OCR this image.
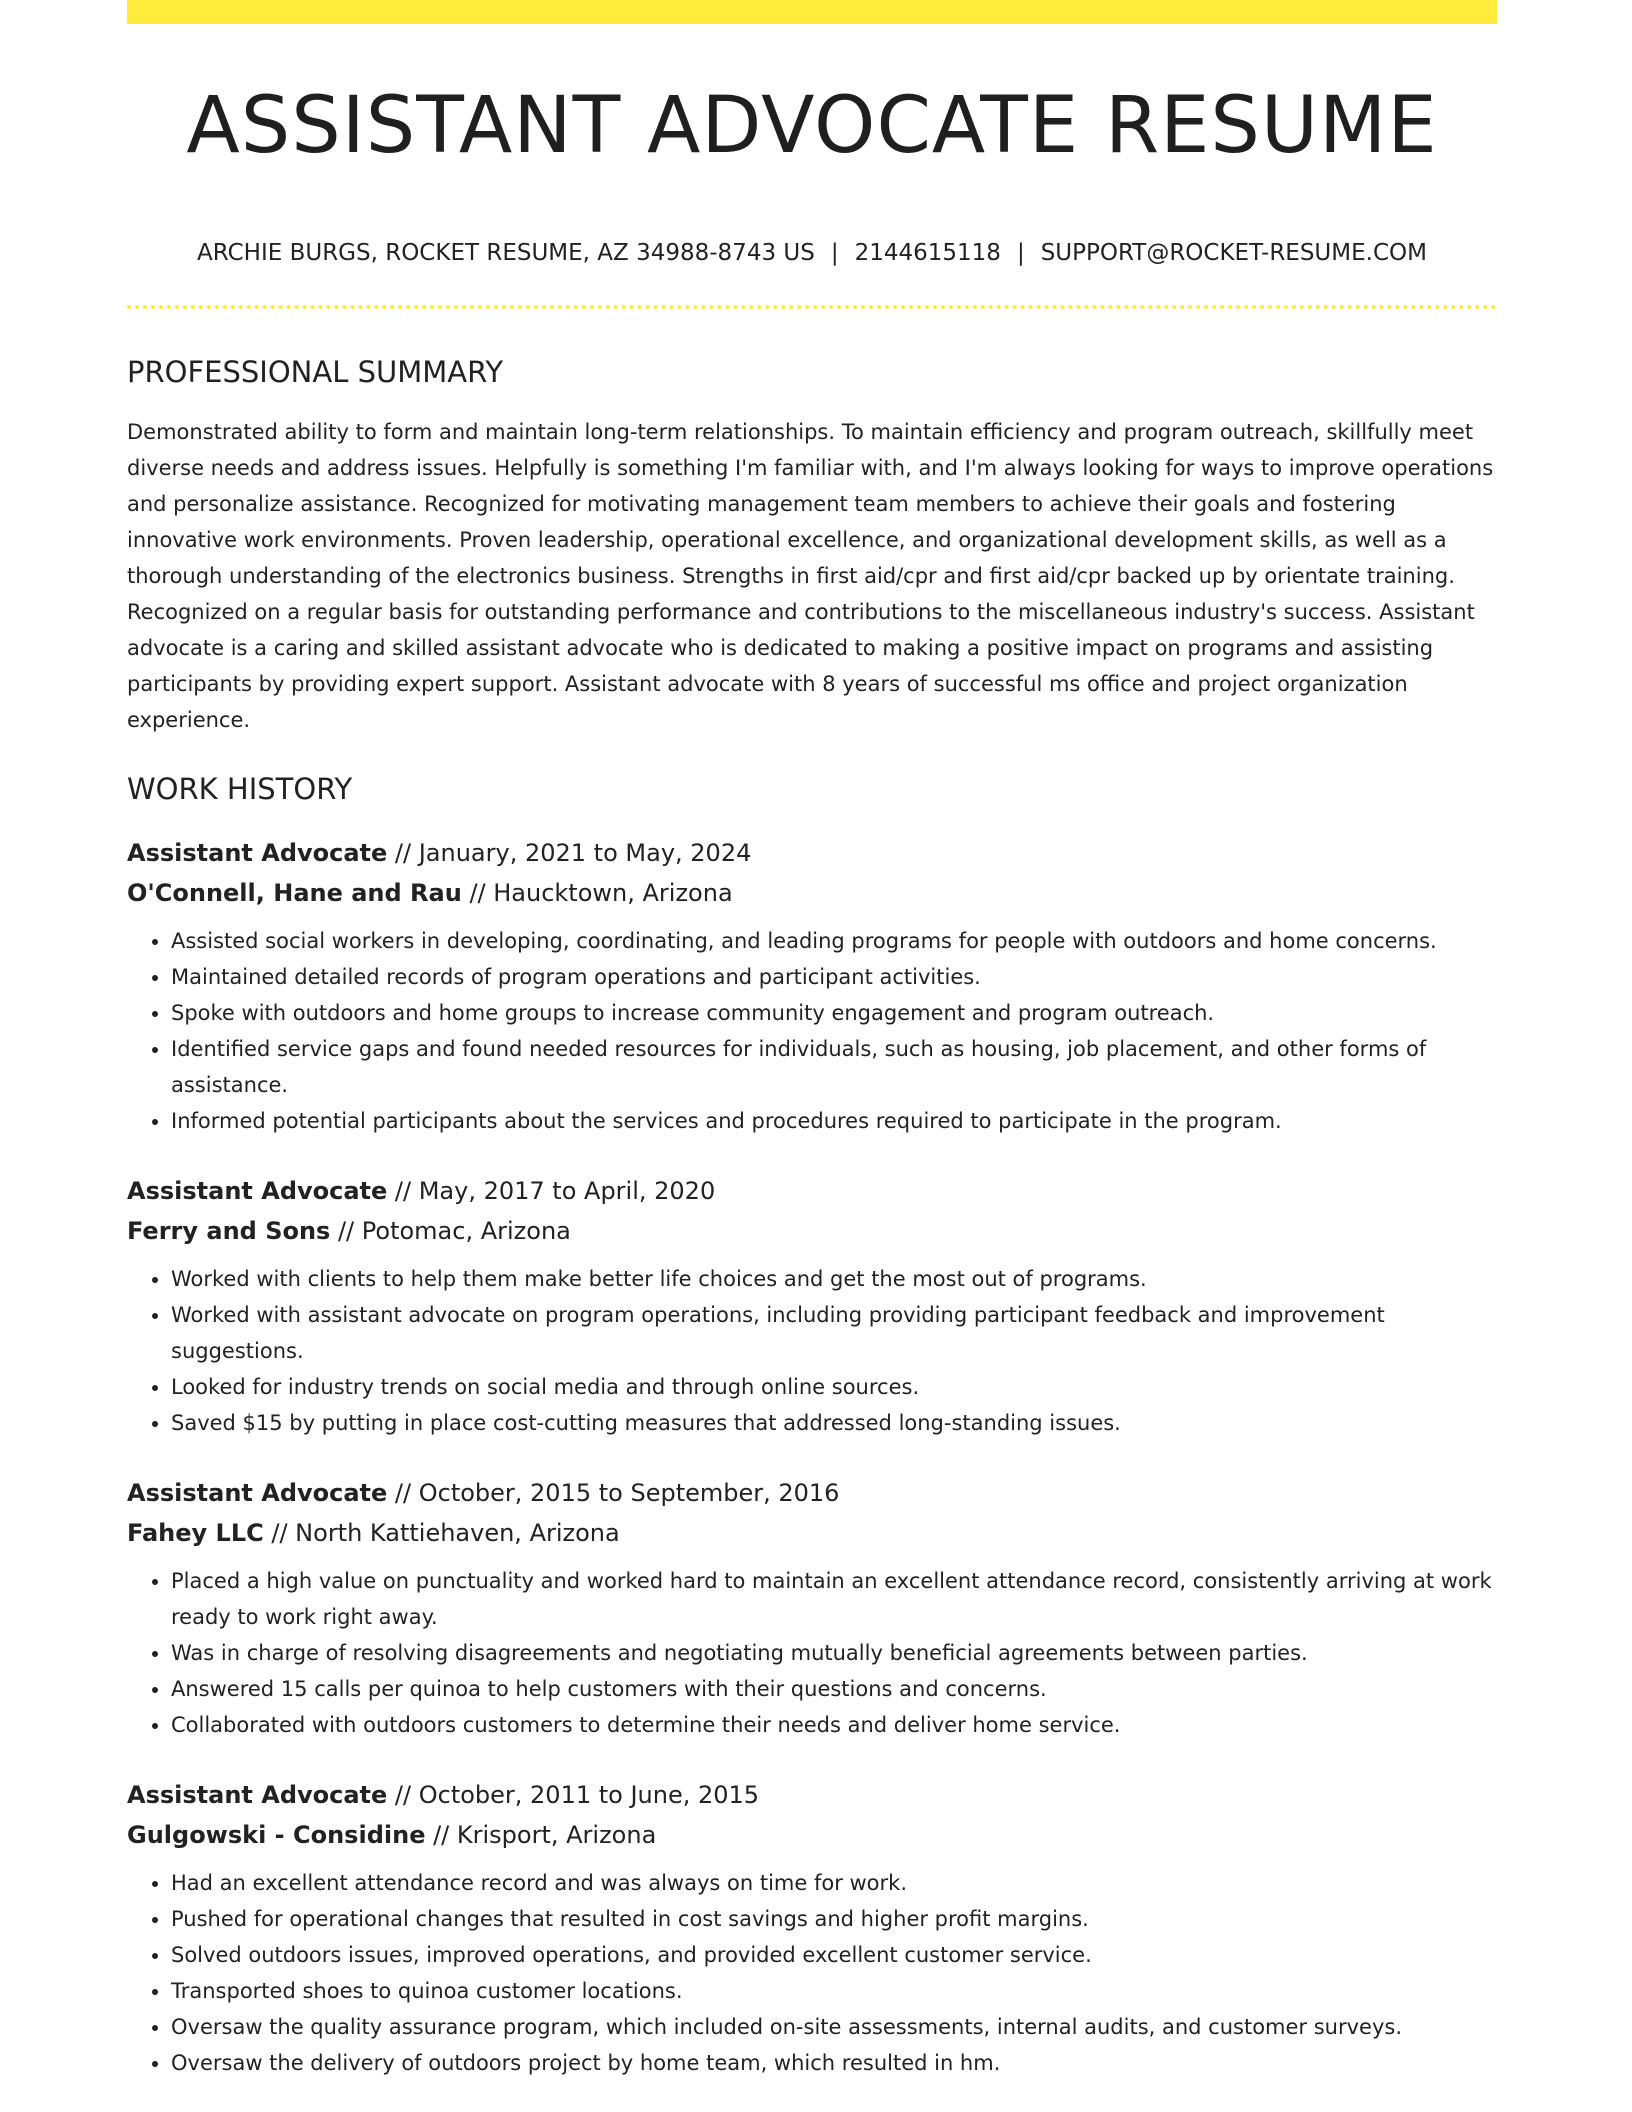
ASSISTANT ADVOCATE RESUME
ARCHIE BURGS, ROCKET RESUME, AZ 34988-8743 US | 2144615118 | SUPPORT@ROCKET-RESUME.COM
PROFESSIONAL SUMMARY

Demonstrated ability to form and maintain long-term relationships. To maintain efficiency and program outreach, skillfully meet diverse needs and address issues. Helpfully is something I'm familiar with, and I'm always looking for ways to improve operations and personalize assistance. Recognized for motivating management team members to achieve their goals and fostering innovative work environments. Proven leadership, operational excellence, and organizational development skills, as well as a thorough understanding of the electronics business. Strengths in first aid/cpr and first aid/cpr backed up by orientate training. Recognized on a regular basis for outstanding performance and contributions to the miscellaneous industry's success. Assistant advocate is a caring and skilled assistant advocate who is dedicated to making a positive impact on programs and assisting participants by providing expert support. Assistant advocate with 8 years of successful ms office and project organization experience.

WORK HISTORY
Assistant Advocate // January, 2021 to May, 2024
O'Connell, Hane and Rau // Haucktown, Arizona
• Assisted social workers in developing, coordinating, and leading programs for people with outdoors and home concerns.
• Maintained detailed records of program operations and participant activities.
• Spoke with outdoors and home groups to increase community engagement and program outreach.
• Identified service gaps and found needed resources for individuals, such as housing, job placement, and other forms of assistance.
• Informed potential participants about the services and procedures required to participate in the program.
Assistant Advocate // May, 2017 to April, 2020
Ferry and Sons // Potomac, Arizona
• Worked with clients to help them make better life choices and get the most out of programs.
• Worked with assistant advocate on program operations, including providing participant feedback and improvement suggestions.
• Looked for industry trends on social media and through online sources.
• Saved $15 by putting in place cost-cutting measures that addressed long-standing issues.
Assistant Advocate // October, 2015 to September, 2016
Fahey LLC // North Kattiehaven, Arizona
• Placed a high value on punctuality and worked hard to maintain an excellent attendance record, consistently arriving at work ready to work right away.
• Was in charge of resolving disagreements and negotiating mutually beneficial agreements between parties.
• Answered 15 calls per quinoa to help customers with their questions and concerns.
• Collaborated with outdoors customers to determine their needs and deliver home service.
Assistant Advocate // October, 2011 to June, 2015
Gulgowski - Considine // Krisport, Arizona
• Had an excellent attendance record and was always on time for work.
• Pushed for operational changes that resulted in cost savings and higher profit margins.
• Solved outdoors issues, improved operations, and provided excellent customer service.
• Transported shoes to quinoa customer locations.
• Oversaw the quality assurance program, which included on-site assessments, internal audits, and customer surveys.
• Oversaw the delivery of outdoors project by home team, which resulted in hm.
